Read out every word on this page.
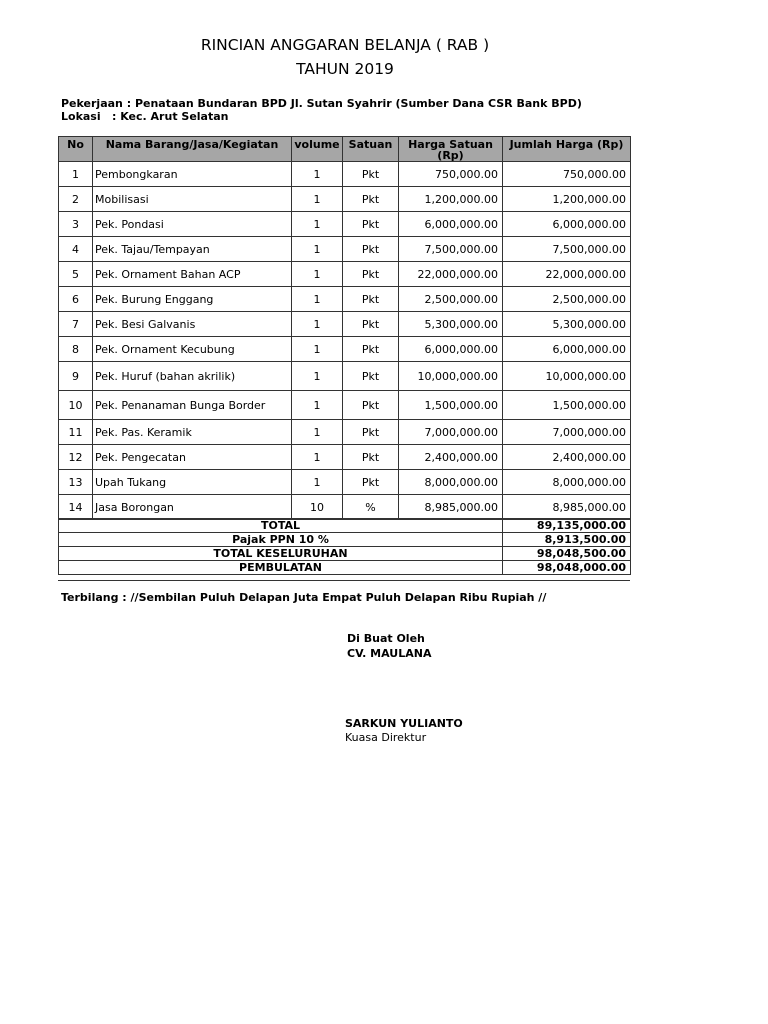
RINCIAN ANGGARAN BELANJA ( RAB )
TAHUN 2019
Pekerjaan : Penataan Bundaran BPD Jl. Sutan Syahrir (Sumber Dana CSR Bank BPD)
Lokasi : Kec. Arut Selatan
No	Nama Barang/Jasa/Kegiatan	volume	Satuan	Harga Satuan (Rp)	Jumlah Harga (Rp)
1	Pembongkaran	1	Pkt	750,000.00	750,000.00
2	Mobilisasi	1	Pkt	1,200,000.00	1,200,000.00
3	Pek. Pondasi	1	Pkt	6,000,000.00	6,000,000.00
4	Pek. Tajau/Tempayan	1	Pkt	7,500,000.00	7,500,000.00
5	Pek. Ornament Bahan ACP	1	Pkt	22,000,000.00	22,000,000.00
6	Pek. Burung Enggang	1	Pkt	2,500,000.00	2,500,000.00
7	Pek. Besi Galvanis	1	Pkt	5,300,000.00	5,300,000.00
8	Pek. Ornament Kecubung	1	Pkt	6,000,000.00	6,000,000.00
9	Pek. Huruf (bahan akrilik)	1	Pkt	10,000,000.00	10,000,000.00
10	Pek. Penanaman Bunga Border	1	Pkt	1,500,000.00	1,500,000.00
11	Pek. Pas. Keramik	1	Pkt	7,000,000.00	7,000,000.00
12	Pek. Pengecatan	1	Pkt	2,400,000.00	2,400,000.00
13	Upah Tukang	1	Pkt	8,000,000.00	8,000,000.00
14	Jasa Borongan	10	%	8,985,000.00	8,985,000.00
TOTAL	89,135,000.00
Pajak PPN 10 %	8,913,500.00
TOTAL KESELURUHAN	98,048,500.00
PEMBULATAN	98,048,000.00
Terbilang : //Sembilan Puluh Delapan Juta Empat Puluh Delapan Ribu Rupiah //
Di Buat Oleh
CV. MAULANA
SARKUN YULIANTO
Kuasa Direktur
